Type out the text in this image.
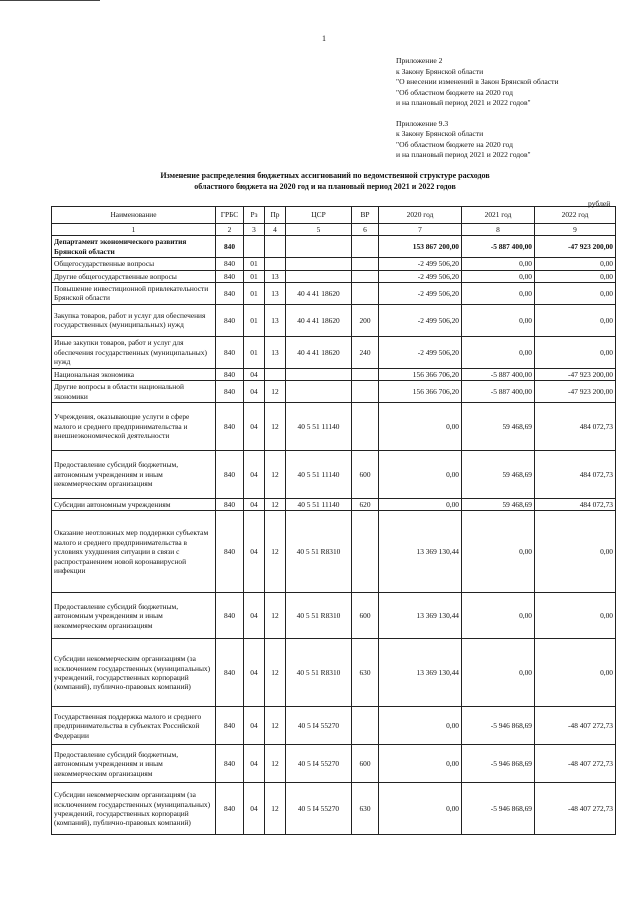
1
Приложение 2
к Закону Брянской области
"О внесении изменений в Закон Брянской области
"Об областном бюджете на 2020 год
и на плановый период 2021 и 2022 годов"
Приложение 9.3
к Закону Брянской области
"Об областном бюджете на 2020 год
и на плановый период 2021 и 2022 годов"
Изменение распределения бюджетных ассигнований по ведомственной структуре расходов
областного бюджета на 2020 год и на плановый период 2021 и 2022 годов
рублей
Наименование	ГРБС	Рз	Пр	ЦСР	ВР	2020 год	2021 год	2022 год
1	2	3	4	5	6	7	8	9
Департамент экономического развития Брянской области	840					153 867 200,00	-5 887 400,00	-47 923 200,00
Общегосударственные вопросы	840	01				-2 499 506,20	0,00	0,00
Другие общегосударственные вопросы	840	01	13			-2 499 506,20	0,00	0,00
Повышение инвестиционной привлекательности Брянской области	840	01	13	40 4 41 18620		-2 499 506,20	0,00	0,00
Закупка товаров, работ и услуг для обеспечения государственных (муниципальных) нужд	840	01	13	40 4 41 18620	200	-2 499 506,20	0,00	0,00
Иные закупки товаров, работ и услуг для обеспечения государственных (муниципальных) нужд	840	01	13	40 4 41 18620	240	-2 499 506,20	0,00	0,00
Национальная экономика	840	04				156 366 706,20	-5 887 400,00	-47 923 200,00
Другие вопросы в области национальной экономики	840	04	12			156 366 706,20	-5 887 400,00	-47 923 200,00
Учреждения, оказывающие услуги в сфере малого и среднего предпринимательства и внешнеэкономической деятельности	840	04	12	40 5 51 11140		0,00	59 468,69	484 072,73
Предоставление субсидий бюджетным, автономным учреждениям и иным некоммерческим организациям	840	04	12	40 5 51 11140	600	0,00	59 468,69	484 072,73
Субсидии автономным учреждениям	840	04	12	40 5 51 11140	620	0,00	59 468,69	484 072,73
Оказание неотложных мер поддержки субъектам малого и среднего предпринимательства в условиях ухудшения ситуации в связи с распространением новой коронавирусной инфекции	840	04	12	40 5 51 R8310		13 369 130,44	0,00	0,00
Предоставление субсидий бюджетным, автономным учреждениям и иным некоммерческим организациям	840	04	12	40 5 51 R8310	600	13 369 130,44	0,00	0,00
Субсидии некоммерческим организациям (за исключением государственных (муниципальных) учреждений, государственных корпораций (компаний), публично-правовых компаний)	840	04	12	40 5 51 R8310	630	13 369 130,44	0,00	0,00
Государственная поддержка малого и среднего предпринимательства в субъектах Российской Федерации	840	04	12	40 5 I4 55270		0,00	-5 946 868,69	-48 407 272,73
Предоставление субсидий бюджетным, автономным учреждениям и иным некоммерческим организациям	840	04	12	40 5 I4 55270	600	0,00	-5 946 868,69	-48 407 272,73
Субсидии некоммерческим организациям (за исключением государственных (муниципальных) учреждений, государственных корпораций (компаний), публично-правовых компаний)	840	04	12	40 5 I4 55270	630	0,00	-5 946 868,69	-48 407 272,73
